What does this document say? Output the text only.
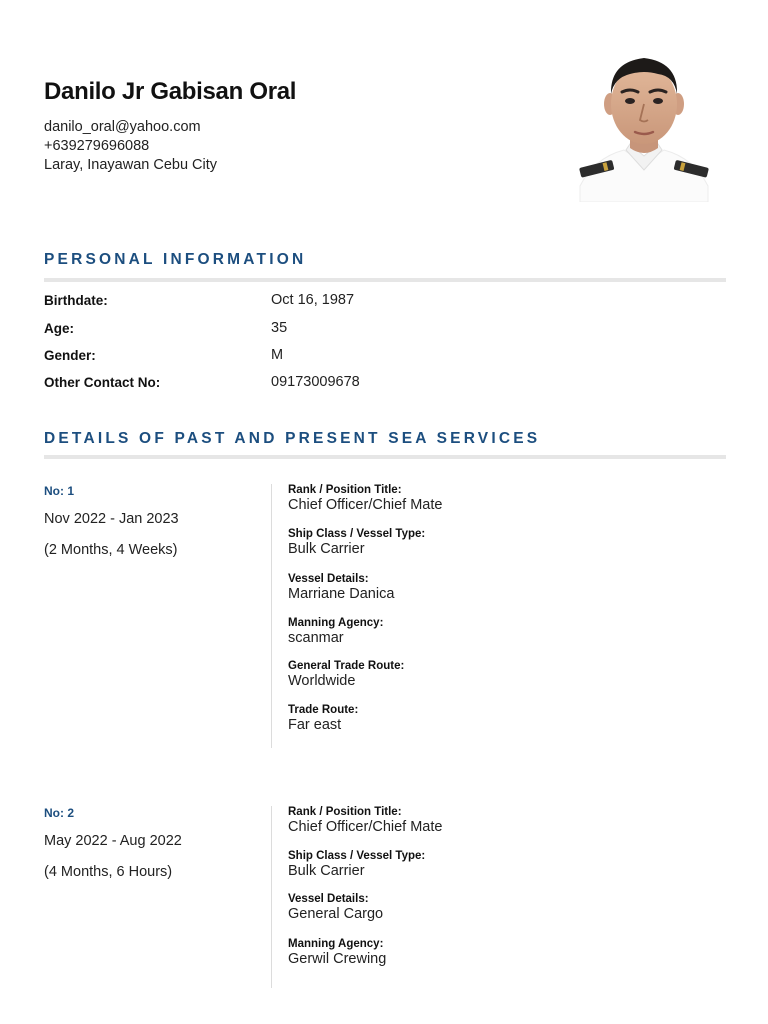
Danilo Jr Gabisan Oral
danilo_oral@yahoo.com
+639279696088
Laray, Inayawan Cebu City
PERSONAL INFORMATION
Birthdate:	Oct 16, 1987
Age:	35
Gender:	M
Other Contact No:	09173009678
DETAILS OF PAST AND PRESENT SEA SERVICES
No: 1
Nov 2022 - Jan 2023
(2 Months, 4 Weeks)
Rank / Position Title:
Chief Officer/Chief Mate
Ship Class / Vessel Type:
Bulk Carrier
Vessel Details:
Marriane Danica
Manning Agency:
scanmar
General Trade Route:
Worldwide
Trade Route:
Far east
No: 2
May 2022 - Aug 2022
(4 Months, 6 Hours)
Rank / Position Title:
Chief Officer/Chief Mate
Ship Class / Vessel Type:
Bulk Carrier
Vessel Details:
General Cargo
Manning Agency:
Gerwil Crewing
